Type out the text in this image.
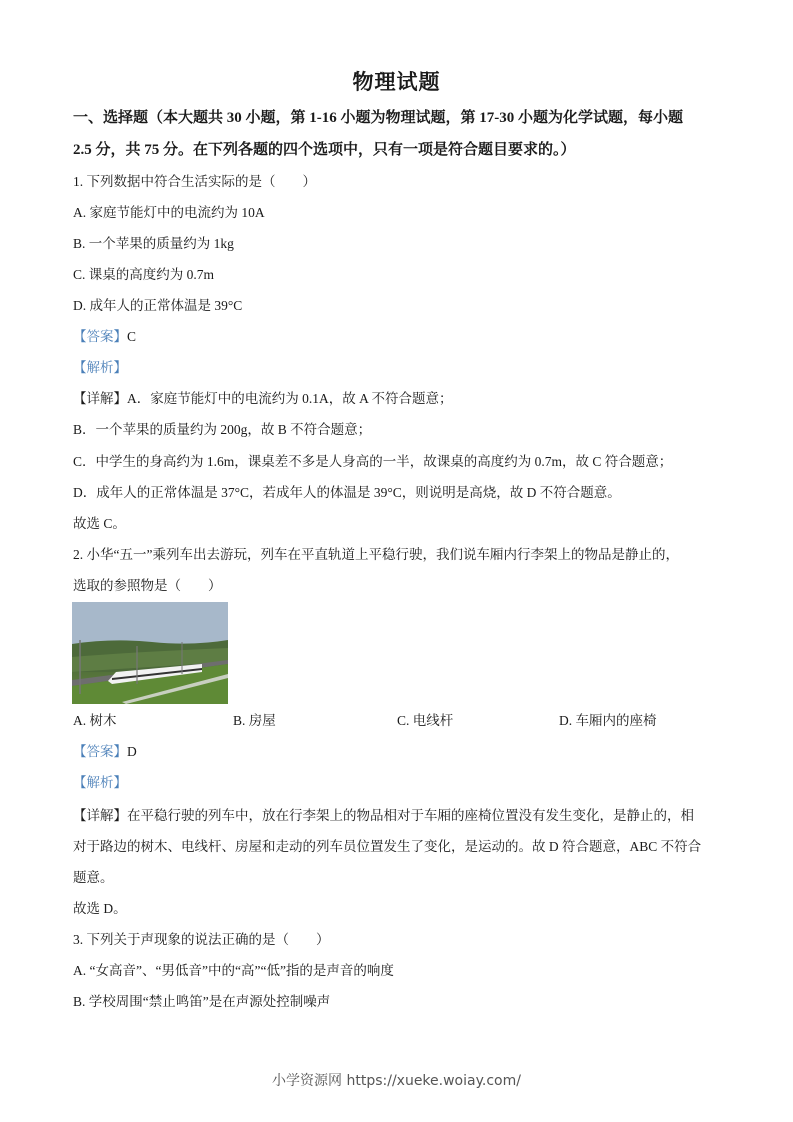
物理试题
一、选择题（本大题共 30 小题，第 1-16 小题为物理试题，第 17-30 小题为化学试题，每小题
2.5 分，共 75 分。在下列各题的四个选项中，只有一项是符合题目要求的。）
1. 下列数据中符合生活实际的是（　　）
A. 家庭节能灯中的电流约为 10A
B. 一个苹果的质量约为 1kg
C. 课桌的高度约为 0.7m
D. 成年人的正常体温是 39°C
【答案】C
【解析】
【详解】A．家庭节能灯中的电流约为 0.1A，故 A 不符合题意；
B．一个苹果的质量约为 200g，故 B 不符合题意；
C．中学生的身高约为 1.6m，课桌差不多是人身高的一半，故课桌的高度约为 0.7m，故 C 符合题意；
D．成年人的正常体温是 37°C，若成年人的体温是 39°C，则说明是高烧，故 D 不符合题意。
故选 C。
2. 小华“五一”乘列车出去游玩，列车在平直轨道上平稳行驶，我们说车厢内行李架上的物品是静止的，
选取的参照物是（　　）
A. 树木	B. 房屋	C. 电线杆	D. 车厢内的座椅
【答案】D
【解析】
【详解】在平稳行驶的列车中，放在行李架上的物品相对于车厢的座椅位置没有发生变化，是静止的，相
对于路边的树木、电线杆、房屋和走动的列车员位置发生了变化，是运动的。故 D 符合题意，ABC 不符合
题意。
故选 D。
3. 下列关于声现象的说法正确的是（　　）
A. “女高音”、“男低音”中的“高”“低”指的是声音的响度
B. 学校周围“禁止鸣笛”是在声源处控制噪声
小学资源网 https://xueke.woiay.com/
